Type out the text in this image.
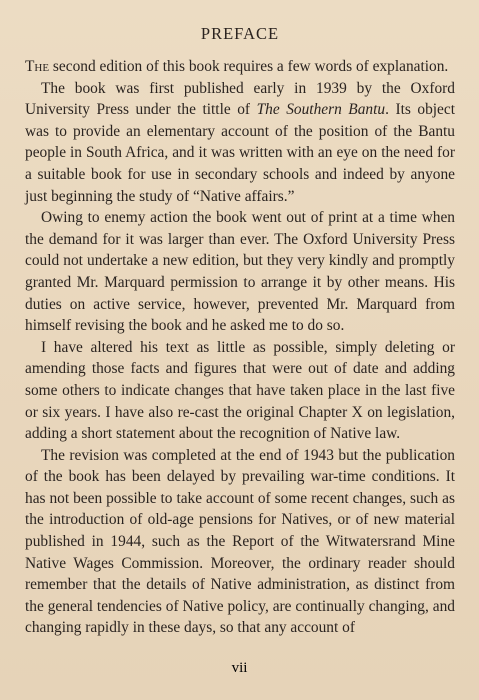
PREFACE

The second edition of this book requires a few words of explanation.

The book was first published early in 1939 by the Oxford University Press under the tittle of The Southern Bantu. Its object was to provide an elementary account of the position of the Bantu people in South Africa, and it was written with an eye on the need for a suitable book for use in secondary schools and indeed by anyone just beginning the study of “Native affairs.”

Owing to enemy action the book went out of print at a time when the demand for it was larger than ever. The Oxford University Press could not undertake a new edition, but they very kindly and promptly granted Mr. Marquard permission to arrange it by other means. His duties on active service, however, prevented Mr. Marquard from himself revising the book and he asked me to do so.

I have altered his text as little as possible, simply deleting or amending those facts and figures that were out of date and adding some others to indicate changes that have taken place in the last five or six years. I have also re-cast the original Chapter X on legislation, adding a short statement about the recognition of Native law.

The revision was completed at the end of 1943 but the publication of the book has been delayed by prevailing war-time conditions. It has not been possible to take account of some recent changes, such as the introduction of old-age pensions for Natives, or of new material published in 1944, such as the Report of the Witwatersrand Mine Native Wages Commission. Moreover, the ordinary reader should remember that the details of Native administration, as distinct from the general tendencies of Native policy, are continually changing, and changing rapidly in these days, so that any account of

vii
